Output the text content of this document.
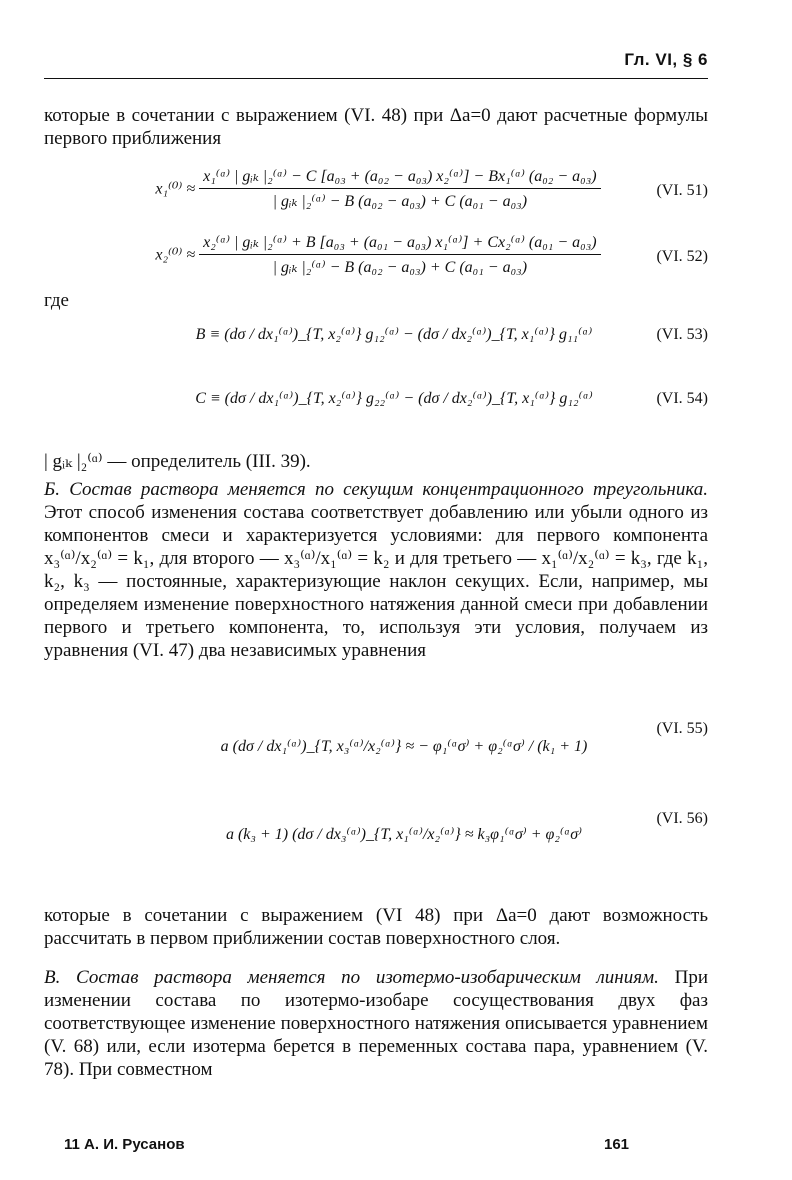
Гл. VI, § 6

которые в сочетании с выражением (VI. 48) при Δa=0 дают расчетные формулы первого приближения

x₁⁽⁰⁾ ≈
x₁⁽ᵅ⁾ | gᵢₖ |₂⁽ᵅ⁾ − C [a₀₃ + (a₀₂ − a₀₃) x₂⁽ᵅ⁾] − Bx₁⁽ᵅ⁾ (a₀₂ − a₀₃)
| gᵢₖ |₂⁽ᵅ⁾ − B (a₀₂ − a₀₃) + C (a₀₁ − a₀₃)
(VI. 51)
x₂⁽⁰⁾ ≈
x₂⁽ᵅ⁾ | gᵢₖ |₂⁽ᵅ⁾ + B [a₀₃ + (a₀₁ − a₀₃) x₁⁽ᵅ⁾] + Cx₂⁽ᵅ⁾ (a₀₁ − a₀₃)
| gᵢₖ |₂⁽ᵅ⁾ − B (a₀₂ − a₀₃) + C (a₀₁ − a₀₃)
(VI. 52)
где
B ≡ (dσ / dx₁⁽ᵅ⁾)_{T, x₂⁽ᵅ⁾} g₁₂⁽ᵅ⁾ − (dσ / dx₂⁽ᵅ⁾)_{T, x₁⁽ᵅ⁾} g₁₁⁽ᵅ⁾	(VI. 53)
C ≡ (dσ / dx₁⁽ᵅ⁾)_{T, x₂⁽ᵅ⁾} g₂₂⁽ᵅ⁾ − (dσ / dx₂⁽ᵅ⁾)_{T, x₁⁽ᵅ⁾} g₁₂⁽ᵅ⁾	(VI. 54)

| gᵢₖ |₂⁽ᵅ⁾ — определитель (III. 39).

Б. Состав раствора меняется по секущим концентрационного треугольника. Этот способ изменения состава соответствует добавлению или убыли одного из компонентов смеси и характеризуется условиями: для первого компонента x₃⁽ᵅ⁾/x₂⁽ᵅ⁾ = k₁, для второго — x₃⁽ᵅ⁾/x₁⁽ᵅ⁾ = k₂ и для третьего — x₁⁽ᵅ⁾/x₂⁽ᵅ⁾ = k₃, где k₁, k₂, k₃ — постоянные, характеризующие наклон секущих. Если, например, мы определяем изменение поверхностного натяжения данной смеси при добавлении первого и третьего компонента, то, используя эти условия, получаем из уравнения (VI. 47) два независимых уравнения

a (dσ / dx₁⁽ᵅ⁾)_{T, x₃⁽ᵅ⁾/x₂⁽ᵅ⁾} ≈ − φ₁⁽ᵅσ⁾ + φ₂⁽ᵅσ⁾ / (k₁ + 1)
(VI. 55)
a (k₃ + 1) (dσ / dx₃⁽ᵅ⁾)_{T, x₁⁽ᵅ⁾/x₂⁽ᵅ⁾} ≈ k₃φ₁⁽ᵅσ⁾ + φ₂⁽ᵅσ⁾
(VI. 56)

которые в сочетании с выражением (VI 48) при Δa=0 дают возможность рассчитать в первом приближении состав поверхностного слоя.

В. Состав раствора меняется по изотермо-изобарическим линиям. При изменении состава по изотермо-изобаре сосуществования двух фаз соответствующее изменение поверхностного натяжения описывается уравнением (V. 68) или, если изотерма берется в переменных состава пара, уравнением (V. 78). При совместном

11 А. И. Русанов	161
